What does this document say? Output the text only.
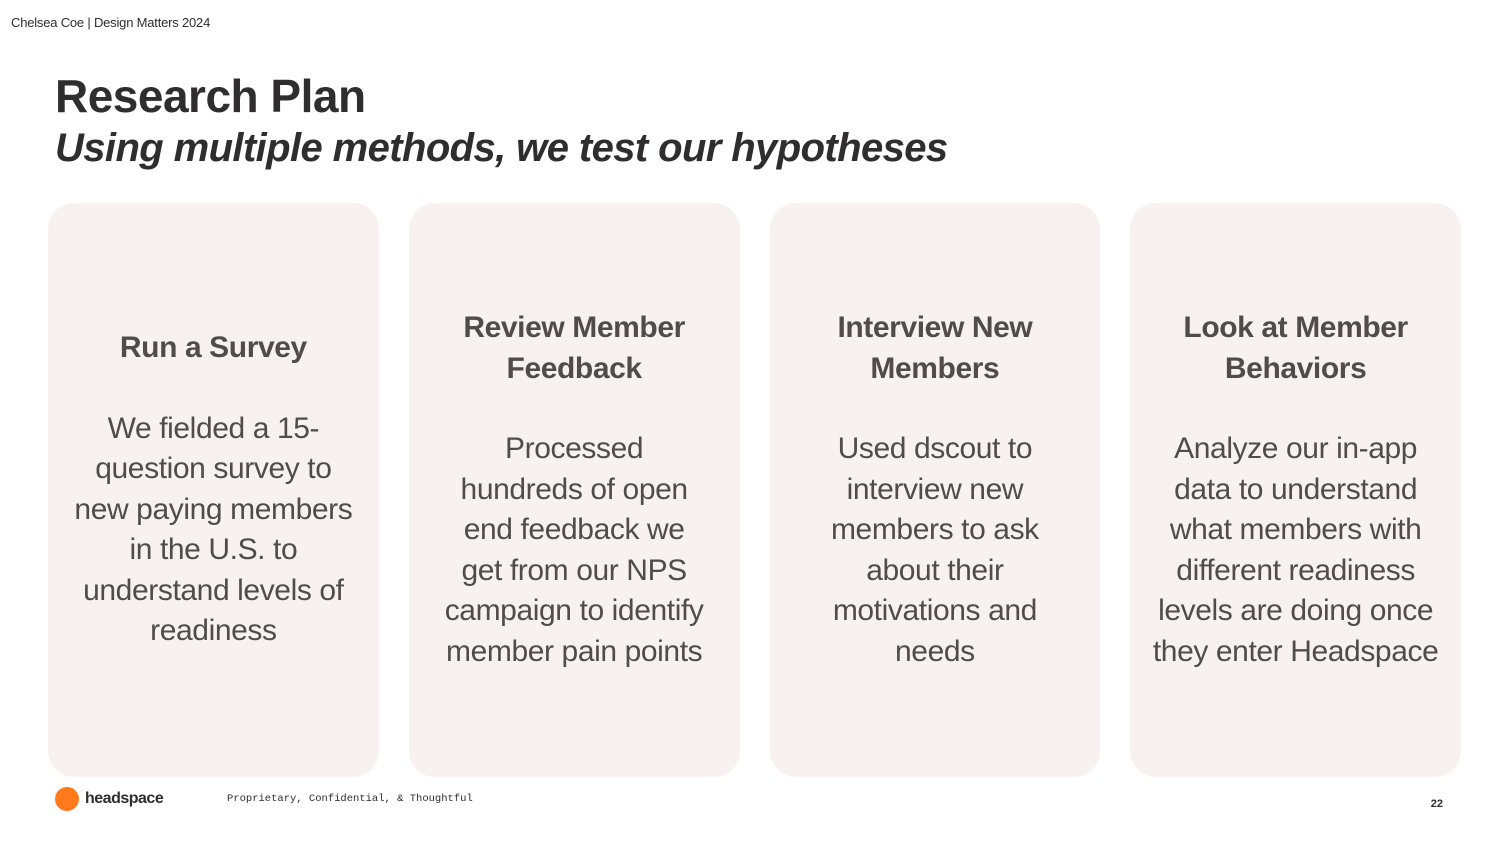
Chelsea Coe | Design Matters 2024
Research Plan
Using multiple methods, we test our hypotheses

Run a Survey

We fielded a 15-question survey to new paying members in the U.S. to understand levels of readiness

Review Member Feedback

Processed hundreds of open end feedback we get from our NPS campaign to identify member pain points

Interview New Members

Used dscout to interview new members to ask about their motivations and needs

Look at Member Behaviors

Analyze our in-app data to understand what members with different readiness levels are doing once they enter Headspace

headspace	Proprietary, Confidential, & Thoughtful	22
